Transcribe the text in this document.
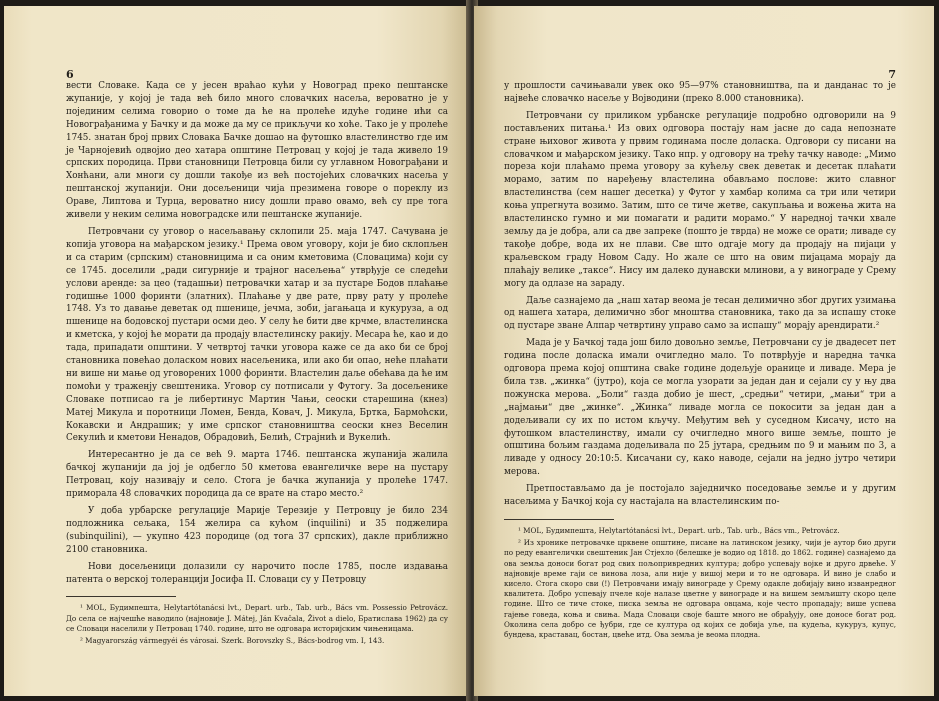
6

вести Словаке. Када се у јесен враћао кући у Новоград преко пештанске жупаније, у којој је тада већ било много словачких насеља, вероватно је у појединим селима говорио о томе да ће на пролеће идуће године ићи са Новограђанима у Бачку и да може да му се прикључи ко хоће. Тако је у пролеће 1745. знатан број првих Словака Бачке дошао на футошко властелинство где им је Чарнојевић одвојио део хатара општине Петровац у којој је тада живело 19 српских породица. Први становници Петровца били су углавном Новограђани и Хонћани, али многи су дошли такође из већ постојећих словачких насеља у пештанској жупанији. Они досељеници чија презимена говоре о пореклу из Ораве, Липтова и Турца, вероватно нису дошли право овамо, већ су пре тога живели у неким селима новоградске или пештанске жупаније.

Петровчани су уговор о насељавању склопили 25. маја 1747. Сачувана је копија уговора на мађарском језику.¹ Према овом уговору, који је био склопљен и са старим (српским) становницима и са оним кметовима (Словацима) који су се 1745. доселили „ради сигурније и трајног насељења“ утврђује се следећи услови аренде: за цео (тадашњи) петровачки хатар и за пустаре Бодов плаћање годишње 1000 форинти (златних). Плаћање у две рате, прву рату у пролеће 1748. Уз то давање деветак од пшенице, јечма, зоби, јагањаца и кукуруза, а од пшенице на бодовској пустари осми део. У селу ће бити две крчме, властелинска и кметска, у којој ће морати да продају властелинску ракију. Месара ће, као и до тада, припадати општини. У четвртој тачки уговора каже се да ако би се број становника повећао доласком нових насељеника, или ако би опао, неће плаћати ни више ни мање од уговорених 1000 форинти. Властелин даље обећава да ће им помоћи у траженју свештеника. Уговор су потписали у Футогу. За досељенике Словаке потписао га је либертинус Мартин Чањи, сеоски старешина (кнез) Матеј Микула и поротници Ломен, Бенда, Ковач, Ј. Микула, Бртка, Бармоћски, Кокавски и Андрашик; у име српског становништва сеоски кнез Веселин Секулић и кметови Ненадов, Обрадовић, Белић, Страјнић и Вукелић.

Интересантно је да се већ 9. марта 1746. пештанска жупанија жалила бачкој жупанији да јој је одбегло 50 кметова евангеличке вере на пустару Петровац, коју називају и село. Стога је бачка жупанија у пролеће 1747. приморала 48 словачких породица да се врате на старо место.²

У доба урбарске регулације Марије Терезије у Петровцу је било 234 подложника сељака, 154 желира са кућом (inquilini) и 35 поджелира (subinquilini), — укупно 423 породице (од тога 37 српских), дакле приближно 2100 становника.

Нови досељеници долазили су нарочито после 1785, после издавања патента о верској толеранцији Јосифа II. Словаци су у Петровцу

¹ MOL, Будимпешта, Helytartótanácsi lvt., Depart. urb., Tab. urb., Bács vm. Possessio Petrovácz. До села се најчешће наводило (најновије J. Mátej, Ján Kvačala, Život a dielo, Братислава 1962) да су се Словаци населили у Петровац 1740. године, што не одговара историјским чињеницама.

² Magyarország vármegyéi és városai. Szerk. Borovszky S., Bács-bodrog vm. I, 143.

7

у прошлости сачињавали увек око 95—97% становништва, па и данданас то је највеће словачко насеље у Војводини (преко 8.000 становника).

Петровчани су приликом урбанске регулације подробно одговорили на 9 постављених питања.¹ Из ових одговора постају нам јасне до сада непознате стране њиховог живота у првим годинама после доласка. Одговори су писани на словачком и мађарском језику. Тако нпр. у одговору на трећу тачку наводе: „Мимо пореза који плаћамо према уговору за кућељу свек деветак и десетак плаћати морамо, затим по наређењу властелина обављамо послове: жито славног властелинства (сем нашег десетка) у Футог у хамбар колима са три или четири коња упрегнута возимо. Затим, што се тиче жетве, сакупљања и вожења жита на властелинско гумно и ми помагати и радити морамо.“ У наредној тачки хвале земљу да је добра, али са две запреке (пошто је тврда) не може се орати; ливаде су такође добре, вода их не плави. Све што одгаје могу да продају на пијаци у краљевском граду Новом Саду. Но жале се што на овим пијацама морају да плаћају велике „таксе“. Нису им далеко дунавски млинови, а у виноградe у Срему могу да одлазе на зараду.

Даље сазнајемо да „наш хатар веома је тесан делимично због других узимања од нашега хатара, делимично због мноштва становника, тако да за испашу стоке од пустаре зване Алпар четвртину управо само за испашу“ морају арендирати.²

Мада је у Бачкој тада још било довољно земље, Петровчани су је двадесет пет година после доласка имали очигледно мало. То потврђује и наредна тачка одговора према којој општина свake године додељује оранице и ливаде. Мера је била тзв. „жинка“ (јутро), која се могла узорати за један дан и сејали су у њу два пожунска мерова. „Боли“ газда добио је шест, „средњи“ четири, „мањи“ три а „најмањи“ две „жинке“. „Жинка“ ливаде могла се покосити за један дан а додељивали су их по истом кључу. Међутим већ у суседном Кисачу, исто на футошком властелинству, имали су очигледно много више земље, пошто је општина бољим газдама додељивала по 25 јутара, средњим по 9 и мањим по 3, а ливаде у односу 20:10:5. Кисачани су, како наводе, сејали на једно јутро четири мерова.

Претпостављамо да је постојало заједничко поседовање земље и у другим насељима у Бачкој која су настајала на властелинским по-

¹ MOL, Будимпешта, Helytartótanácsi lvt., Depart. urb., Tab. urb., Bács vm., Petrovácz.

² Из хронике петровачке црквене општине, писане на латинском језику, чији је аутор био други по реду евангелички свештеник Јан Стјехло (белешке је водио од 1818. до 1862. године) сазнајемо да ова земља доноси богат род свих пољопривредних култура; добро успевају војке и друго дрвеће. У најновије време гаји се винова лоза, али није у вишој мери и то не одговара. И вино је слабо и кисело. Стога скоро сви (!) Петровчани имају винограде у Срему одакле добијају вино изванредног квалитета. Добро успевају пчеле које налазе цветне у винограде и на вишем земљишту скоро целе године. Што се тиче стоке, пиcка земља не одговара овцама, које често пропадају; више успева гајење говеда, коња и свиња. Мада Словаци своје баште много не обрађују, оне доносе богат род. Околина села добро се ђубри, где се култура од којих се добија уље, па кудеља, кукуруз, купус, бундева, краставац, бостан, цвеће итд. Ова земља је веома плодна.
